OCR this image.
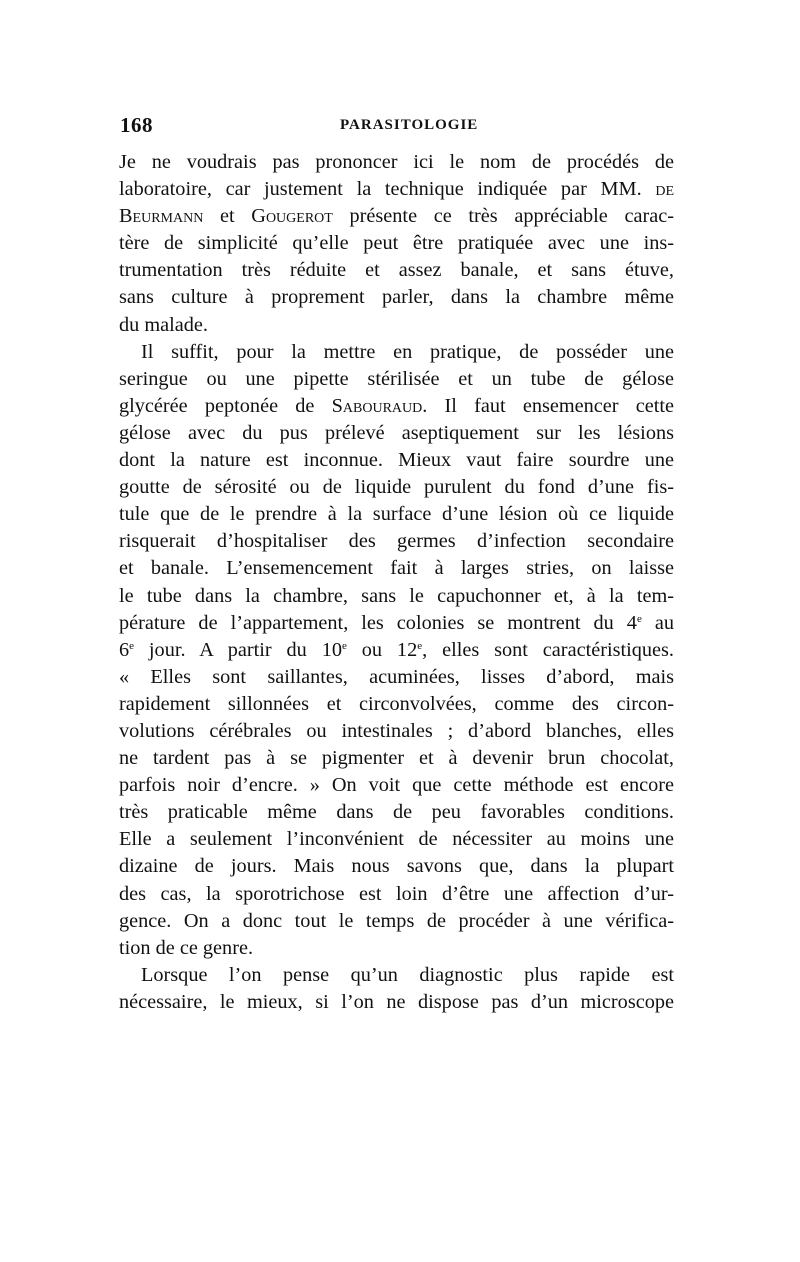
168	PARASITOLOGIE
Je ne voudrais pas prononcer ici le nom de procédés de
laboratoire, car justement la technique indiquée par MM. de
Beurmann et Gougerot présente ce très appréciable carac-
tère de simplicité qu’elle peut être pratiquée avec une ins-
trumentation très réduite et assez banale, et sans étuve,
sans culture à proprement parler, dans la chambre même
du malade.
Il suffit, pour la mettre en pratique, de posséder une
seringue ou une pipette stérilisée et un tube de gélose
glycérée peptonée de Sabouraud. Il faut ensemencer cette
gélose avec du pus prélevé aseptiquement sur les lésions
dont la nature est inconnue. Mieux vaut faire sourdre une
goutte de sérosité ou de liquide purulent du fond d’une fis-
tule que de le prendre à la surface d’une lésion où ce liquide
risquerait d’hospitaliser des germes d’infection secondaire
et banale. L’ensemencement fait à larges stries, on laisse
le tube dans la chambre, sans le capuchonner et, à la tem-
pérature de l’appartement, les colonies se montrent du 4e au
6e jour. A partir du 10e ou 12e, elles sont caractéristiques.
« Elles sont saillantes, acuminées, lisses d’abord, mais
rapidement sillonnées et circonvolvées, comme des circon-
volutions cérébrales ou intestinales ; d’abord blanches, elles
ne tardent pas à se pigmenter et à devenir brun chocolat,
parfois noir d’encre. » On voit que cette méthode est encore
très praticable même dans de peu favorables conditions.
Elle a seulement l’inconvénient de nécessiter au moins une
dizaine de jours. Mais nous savons que, dans la plupart
des cas, la sporotrichose est loin d’être une affection d’ur-
gence. On a donc tout le temps de procéder à une vérifica-
tion de ce genre.
Lorsque l’on pense qu’un diagnostic plus rapide est
nécessaire, le mieux, si l’on ne dispose pas d’un microscope
